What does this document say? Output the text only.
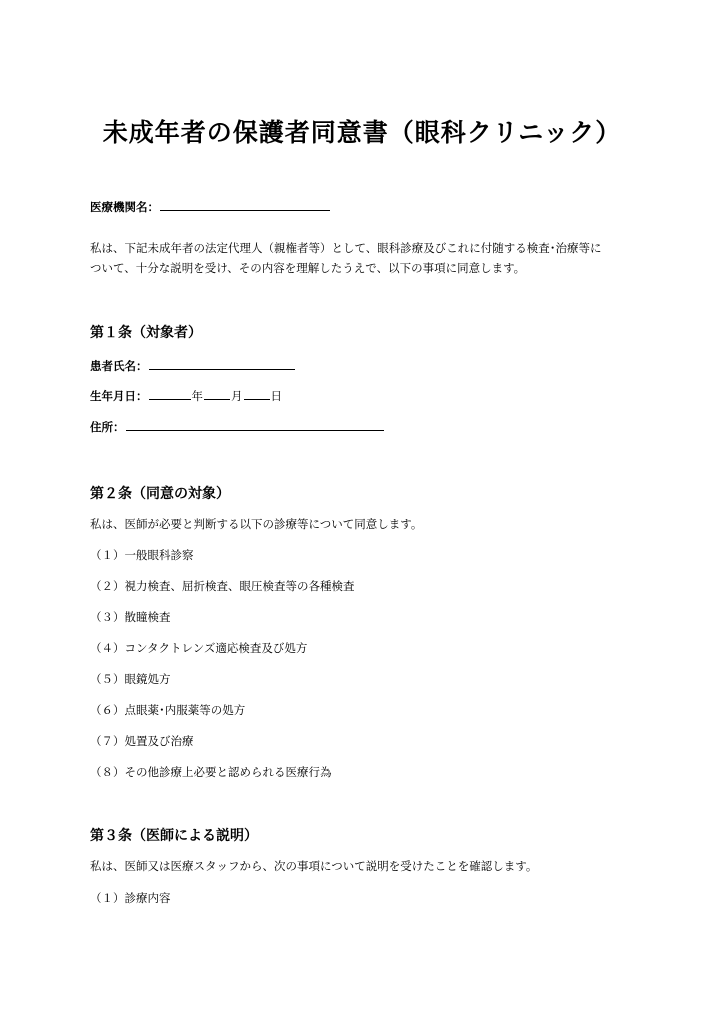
未成年者の保護者同意書（眼科クリニック）
医療機関名：
私は、下記未成年者の法定代理人（親権者等）として、眼科診療及びこれに付随する検査･治療等に
ついて、十分な説明を受け、その内容を理解したうえで、以下の事項に同意します。
第１条（対象者）
患者氏名：
生年月日：	年 月 日
住所：
第２条（同意の対象）
私は、医師が必要と判断する以下の診療等について同意します。
（１）一般眼科診察
（２）視力検査、屈折検査、眼圧検査等の各種検査
（３）散瞳検査
（４）コンタクトレンズ適応検査及び処方
（５）眼鏡処方
（６）点眼薬･内服薬等の処方
（７）処置及び治療
（８）その他診療上必要と認められる医療行為
第３条（医師による説明）
私は、医師又は医療スタッフから、次の事項について説明を受けたことを確認します。
（１）診療内容
